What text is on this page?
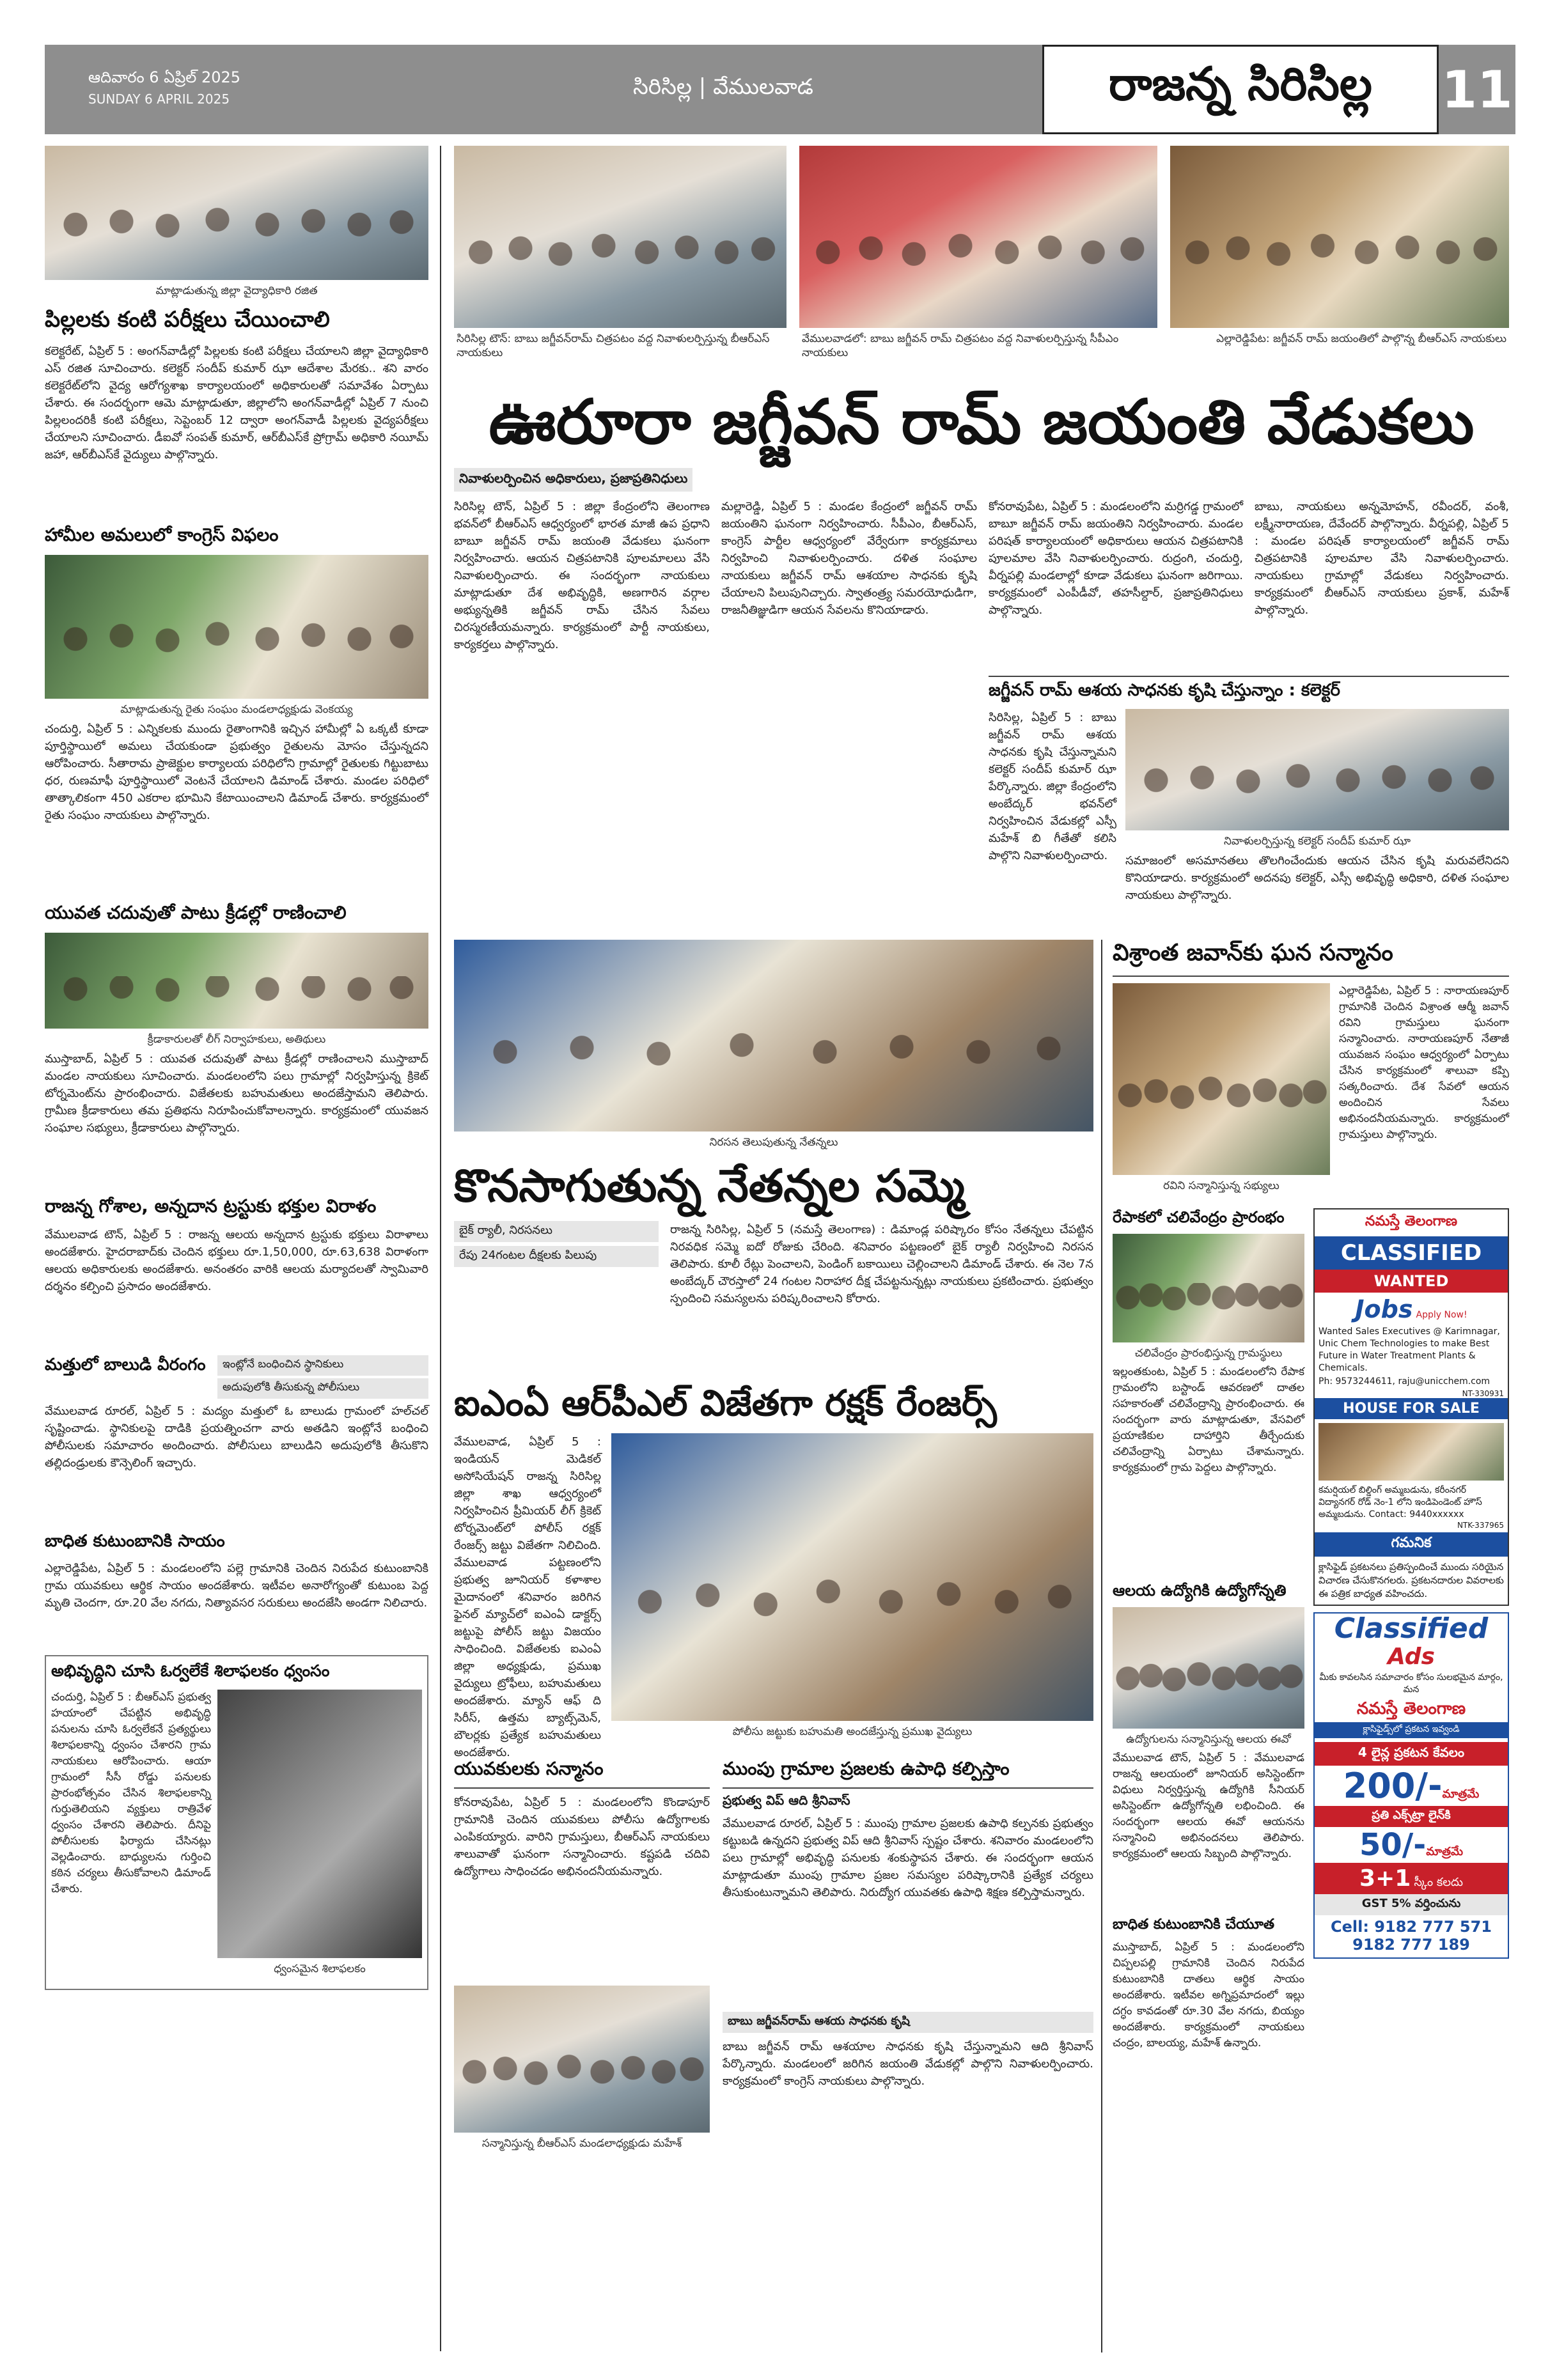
ఆదివారం 6 ఏప్రిల్ 2025
SUNDAY 6 APRIL 2025	సిరిసిల్ల | వేములవాడ	రాజన్న సిరిసిల్ల	11
మాట్లాడుతున్న జిల్లా వైద్యాధికారి రజిత
పిల్లలకు కంటి పరీక్షలు చేయించాలి
కలెక్టరేట్, ఏప్రిల్ 5 : అంగన్‌వాడీల్లో పిల్లలకు కంటి పరీక్షలు చేయాలని జిల్లా వైద్యాధికారి ఎస్ రజిత సూచించారు. కలెక్టర్ సందీప్ కుమార్ ఝా ఆదేశాల మేరకు.. శని వారం కలెక్టరేట్‌లోని వైద్య ఆరోగ్యశాఖ కార్యాలయంలో అధికారులతో సమావేశం ఏర్పాటు చేశారు. ఈ సందర్భంగా ఆమె మాట్లాడుతూ, జిల్లాలోని అంగన్‌వాడీల్లో ఏప్రిల్ 7 నుంచి పిల్లలందరికీ కంటి పరీక్షలు, సెప్టెంబర్ 12 ద్వారా అంగన్‌వాడీ పిల్లలకు వైద్యపరీక్షలు చేయాలని సూచించారు. డీఐవో సంపత్ కుమార్, ఆర్‌బీఎస్‌కే ప్రోగ్రామ్ అధికారి నయీమ్ జహా, ఆర్‌బీఎస్‌కే వైద్యులు పాల్గొన్నారు.
హామీల అమలులో కాంగ్రెస్ విఫలం
మాట్లాడుతున్న రైతు సంఘం మండలాధ్యక్షుడు వెంకయ్య
చందుర్తి, ఏప్రిల్ 5 : ఎన్నికలకు ముందు రైతాంగానికి ఇచ్చిన హామీల్లో ఏ ఒక్కటీ కూడా పూర్తిస్థాయిలో అమలు చేయకుండా ప్రభుత్వం రైతులను మోసం చేస్తున్నదని ఆరోపించారు. సీతారామ ప్రాజెక్టుల కార్యాలయ పరిధిలోని గ్రామాల్లో రైతులకు గిట్టుబాటు ధర, రుణమాఫీ పూర్తిస్థాయిలో వెంటనే చేయాలని డిమాండ్ చేశారు. మండల పరిధిలో తాత్కాలికంగా 450 ఎకరాల భూమిని కేటాయించాలని డిమాండ్ చేశారు. కార్యక్రమంలో రైతు సంఘం నాయకులు పాల్గొన్నారు.
యువత చదువుతో పాటు క్రీడల్లో రాణించాలి
క్రీడాకారులతో లీగ్ నిర్వాహకులు, అతిథులు
ముస్తాబాద్, ఏప్రిల్ 5 : యువత చదువుతో పాటు క్రీడల్లో రాణించాలని ముస్తాబాద్ మండల నాయకులు సూచించారు. మండలంలోని పలు గ్రామాల్లో నిర్వహిస్తున్న క్రికెట్ టోర్నమెంట్‌ను ప్రారంభించారు. విజేతలకు బహుమతులు అందజేస్తామని తెలిపారు. గ్రామీణ క్రీడాకారులు తమ ప్రతిభను నిరూపించుకోవాలన్నారు. కార్యక్రమంలో యువజన సంఘాల సభ్యులు, క్రీడాకారులు పాల్గొన్నారు.
రాజన్న గోశాల, అన్నదాన ట్రస్టుకు భక్తుల విరాళం
వేములవాడ టౌన్, ఏప్రిల్ 5 : రాజన్న ఆలయ అన్నదాన ట్రస్టుకు భక్తులు విరాళాలు అందజేశారు. హైదరాబాద్‌కు చెందిన భక్తులు రూ.1,50,000, రూ.63,638 విరాళంగా ఆలయ అధికారులకు అందజేశారు. అనంతరం వారికి ఆలయ మర్యాదలతో స్వామివారి దర్శనం కల్పించి ప్రసాదం అందజేశారు.
మత్తులో బాలుడి వీరంగం	ఇంట్లోనే బంధించిన స్థానికులు
అదుపులోకి తీసుకున్న పోలీసులు
వేములవాడ రూరల్, ఏప్రిల్ 5 : మద్యం మత్తులో ఓ బాలుడు గ్రామంలో హల్‌చల్ సృష్టించాడు. స్థానికులపై దాడికి ప్రయత్నించగా వారు అతడిని ఇంట్లోనే బంధించి పోలీసులకు సమాచారం అందించారు. పోలీసులు బాలుడిని అదుపులోకి తీసుకొని తల్లిదండ్రులకు కౌన్సెలింగ్ ఇచ్చారు.
బాధిత కుటుంబానికి సాయం
ఎల్లారెడ్డిపేట, ఏప్రిల్ 5 : మండలంలోని పల్లె గ్రామానికి చెందిన నిరుపేద కుటుంబానికి గ్రామ యువకులు ఆర్థిక సాయం అందజేశారు. ఇటీవల అనారోగ్యంతో కుటుంబ పెద్ద మృతి చెందగా, రూ.20 వేల నగదు, నిత్యావసర సరుకులు అందజేసి అండగా నిలిచారు.
అభివృద్ధిని చూసి ఓర్వలేకే శిలాఫలకం ధ్వంసం
చందుర్తి, ఏప్రిల్ 5 : బీఆర్‌ఎస్ ప్రభుత్వ హయాంలో చేపట్టిన అభివృద్ధి పనులను చూసి ఓర్వలేకనే ప్రత్యర్థులు శిలాఫలకాన్ని ధ్వంసం చేశారని గ్రామ నాయకులు ఆరోపించారు. ఆయా గ్రామంలో సీసీ రోడ్డు పనులకు ప్రారంభోత్సవం చేసిన శిలాఫలకాన్ని గుర్తుతెలియని వ్యక్తులు రాత్రివేళ ధ్వంసం చేశారని తెలిపారు. దీనిపై పోలీసులకు ఫిర్యాదు చేసినట్లు వెల్లడించారు. బాధ్యులను గుర్తించి కఠిన చర్యలు తీసుకోవాలని డిమాండ్ చేశారు.
ధ్వంసమైన శిలాఫలకం
సిరిసిల్ల టౌన్: బాబు జగ్జీవన్‌రామ్ చిత్రపటం వద్ద నివాళులర్పిస్తున్న బీఆర్‌ఎస్ నాయకులు
వేములవాడలో: బాబు జగ్జీవన్ రామ్ చిత్రపటం వద్ద నివాళులర్పిస్తున్న సీపీఎం నాయకులు
ఎల్లారెడ్డిపేట: జగ్జీవన్ రామ్ జయంతిలో పాల్గొన్న బీఆర్‌ఎస్ నాయకులు
ఊరూరా జగ్జీవన్ రామ్ జయంతి వేడుకలు
నివాళులర్పించిన అధికారులు, ప్రజాప్రతినిధులు
సిరిసిల్ల టౌన్, ఏప్రిల్ 5 : జిల్లా కేంద్రంలోని తెలంగాణ భవన్‌లో బీఆర్‌ఎస్ ఆధ్వర్యంలో భారత మాజీ ఉప ప్రధాని బాబూ జగ్జీవన్ రామ్ జయంతి వేడుకలు ఘనంగా నిర్వహించారు. ఆయన చిత్రపటానికి పూలమాలలు వేసి నివాళులర్పించారు. ఈ సందర్భంగా నాయకులు మాట్లాడుతూ దేశ అభివృద్ధికి, అణగారిన వర్గాల అభ్యున్నతికి జగ్జీవన్ రామ్ చేసిన సేవలు చిరస్మరణీయమన్నారు. కార్యక్రమంలో పార్టీ నాయకులు, కార్యకర్తలు పాల్గొన్నారు.
మల్లారెడ్డి, ఏప్రిల్ 5 : మండల కేంద్రంలో జగ్జీవన్ రామ్ జయంతిని ఘనంగా నిర్వహించారు. సీపీఎం, బీఆర్‌ఎస్, కాంగ్రెస్ పార్టీల ఆధ్వర్యంలో వేర్వేరుగా కార్యక్రమాలు నిర్వహించి నివాళులర్పించారు. దళిత సంఘాల నాయకులు జగ్జీవన్ రామ్ ఆశయాల సాధనకు కృషి చేయాలని పిలుపునిచ్చారు. స్వాతంత్ర్య సమరయోధుడిగా, రాజనీతిజ్ఞుడిగా ఆయన సేవలను కొనియాడారు.
కోనరావుపేట, ఏప్రిల్ 5 : మండలంలోని మర్రిగడ్డ గ్రామంలో బాబూ జగ్జీవన్ రామ్ జయంతిని నిర్వహించారు. మండల పరిషత్ కార్యాలయంలో అధికారులు ఆయన చిత్రపటానికి పూలమాల వేసి నివాళులర్పించారు. రుద్రంగి, చందుర్తి, వీర్నపల్లి మండలాల్లో కూడా వేడుకలు ఘనంగా జరిగాయి. కార్యక్రమంలో ఎంపీడీవో, తహసీల్దార్, ప్రజాప్రతినిధులు పాల్గొన్నారు.
బాబు, నాయకులు అన్నమోహన్, రవీందర్, వంశీ, లక్ష్మీనారాయణ, దేవేందర్ పాల్గొన్నారు. వీర్నపల్లి, ఏప్రిల్ 5 : మండల పరిషత్ కార్యాలయంలో జగ్జీవన్ రామ్ చిత్రపటానికి పూలమాల వేసి నివాళులర్పించారు. నాయకులు గ్రామాల్లో వేడుకలు నిర్వహించారు. కార్యక్రమంలో బీఆర్‌ఎస్ నాయకులు ప్రకాశ్, మహేశ్ పాల్గొన్నారు.
జగ్జీవన్ రామ్ ఆశయ సాధనకు కృషి చేస్తున్నాం : కలెక్టర్
సిరిసిల్ల, ఏప్రిల్ 5 : బాబు జగ్జీవన్ రామ్ ఆశయ సాధనకు కృషి చేస్తున్నామని కలెక్టర్ సందీప్ కుమార్ ఝా పేర్కొన్నారు. జిల్లా కేంద్రంలోని అంబేద్కర్ భవన్‌లో నిర్వహించిన వేడుకల్లో ఎస్పీ మహేశ్ బి గీతేతో కలిసి పాల్గొని నివాళులర్పించారు.
నివాళులర్పిస్తున్న కలెక్టర్ సందీప్ కుమార్ ఝా
సమాజంలో అసమానతలు తొలగించేందుకు ఆయన చేసిన కృషి మరువలేనిదని కొనియాడారు. కార్యక్రమంలో అదనపు కలెక్టర్, ఎస్సీ అభివృద్ధి అధికారి, దళిత సంఘాల నాయకులు పాల్గొన్నారు.
నిరసన తెలుపుతున్న నేతన్నలు
కొనసాగుతున్న నేతన్నల సమ్మె
బైక్ ర్యాలీ, నిరసనలు
రేపు 24గంటల దీక్షలకు పిలుపు
రాజన్న సిరిసిల్ల, ఏప్రిల్ 5 (నమస్తే తెలంగాణ) : డిమాండ్ల పరిష్కారం కోసం నేతన్నలు చేపట్టిన నిరవధిక సమ్మె ఐదో రోజుకు చేరింది. శనివారం పట్టణంలో బైక్ ర్యాలీ నిర్వహించి నిరసన తెలిపారు. కూలీ రేట్లు పెంచాలని, పెండింగ్ బకాయిలు చెల్లించాలని డిమాండ్ చేశారు. ఈ నెల 7న అంబేద్కర్ చౌరస్తాలో 24 గంటల నిరాహార దీక్ష చేపట్టనున్నట్లు నాయకులు ప్రకటించారు. ప్రభుత్వం స్పందించి సమస్యలను పరిష్కరించాలని కోరారు.
ఐఎంఏ ఆర్‌పీఎల్ విజేతగా రక్షక్ రేంజర్స్
వేములవాడ, ఏప్రిల్ 5 : ఇండియన్ మెడికల్ అసోసియేషన్ రాజన్న సిరిసిల్ల జిల్లా శాఖ ఆధ్వర్యంలో నిర్వహించిన ప్రీమియర్ లీగ్ క్రికెట్ టోర్నమెంట్‌లో పోలీస్ రక్షక్ రేంజర్స్ జట్టు విజేతగా నిలిచింది. వేములవాడ పట్టణంలోని ప్రభుత్వ జూనియర్ కళాశాల మైదానంలో శనివారం జరిగిన ఫైనల్ మ్యాచ్‌లో ఐఎంఏ డాక్టర్స్ జట్టుపై పోలీస్ జట్టు విజయం సాధించింది. విజేతలకు ఐఎంఏ జిల్లా అధ్యక్షుడు, ప్రముఖ వైద్యులు ట్రోఫీలు, బహుమతులు అందజేశారు. మ్యాన్ ఆఫ్ ది సిరీస్, ఉత్తమ బ్యాట్స్‌మెన్, బౌలర్లకు ప్రత్యేక బహుమతులు అందజేశారు.
పోలీసు జట్టుకు బహుమతి అందజేస్తున్న ప్రముఖ వైద్యులు
యువకులకు సన్మానం
కోనరావుపేట, ఏప్రిల్ 5 : మండలంలోని కొండాపూర్ గ్రామానికి చెందిన యువకులు పోలీసు ఉద్యోగాలకు ఎంపికయ్యారు. వారిని గ్రామస్తులు, బీఆర్‌ఎస్ నాయకులు శాలువాతో ఘనంగా సన్మానించారు. కష్టపడి చదివి ఉద్యోగాలు సాధించడం అభినందనీయమన్నారు.
సన్మానిస్తున్న బీఆర్‌ఎస్ మండలాధ్యక్షుడు మహేశ్
ముంపు గ్రామాల ప్రజలకు ఉపాధి కల్పిస్తాం
ప్రభుత్వ విప్ ఆది శ్రీనివాస్
వేములవాడ రూరల్, ఏప్రిల్ 5 : ముంపు గ్రామాల ప్రజలకు ఉపాధి కల్పనకు ప్రభుత్వం కట్టుబడి ఉన్నదని ప్రభుత్వ విప్ ఆది శ్రీనివాస్ స్పష్టం చేశారు. శనివారం మండలంలోని పలు గ్రామాల్లో అభివృద్ధి పనులకు శంకుస్థాపన చేశారు. ఈ సందర్భంగా ఆయన మాట్లాడుతూ ముంపు గ్రామాల ప్రజల సమస్యల పరిష్కారానికి ప్రత్యేక చర్యలు తీసుకుంటున్నామని తెలిపారు. నిరుద్యోగ యువతకు ఉపాధి శిక్షణ కల్పిస్తామన్నారు.
బాబు జగ్జీవన్‌రామ్ ఆశయ సాధనకు కృషి
బాబు జగ్జీవన్ రామ్ ఆశయాల సాధనకు కృషి చేస్తున్నామని ఆది శ్రీనివాస్ పేర్కొన్నారు. మండలంలో జరిగిన జయంతి వేడుకల్లో పాల్గొని నివాళులర్పించారు. కార్యక్రమంలో కాంగ్రెస్ నాయకులు పాల్గొన్నారు.
విశ్రాంత జవాన్‌కు ఘన సన్మానం
రవిని సన్మానిస్తున్న సభ్యులు
ఎల్లారెడ్డిపేట, ఏప్రిల్ 5 : నారాయణపూర్ గ్రామానికి చెందిన విశ్రాంత ఆర్మీ జవాన్ రవిని గ్రామస్తులు ఘనంగా సన్మానించారు. నారాయణపూర్ నేతాజీ యువజన సంఘం ఆధ్వర్యంలో ఏర్పాటు చేసిన కార్యక్రమంలో శాలువా కప్పి సత్కరించారు. దేశ సేవలో ఆయన అందించిన సేవలు అభినందనీయమన్నారు. కార్యక్రమంలో గ్రామస్తులు పాల్గొన్నారు.
రేపాకలో చలివేంద్రం ప్రారంభం
చలివేంద్రం ప్రారంభిస్తున్న గ్రామస్థులు
ఇల్లంతకుంట, ఏప్రిల్ 5 : మండలంలోని రేపాక గ్రామంలోని బస్టాండ్ ఆవరణలో దాతల సహకారంతో చలివేంద్రాన్ని ప్రారంభించారు. ఈ సందర్భంగా వారు మాట్లాడుతూ, వేసవిలో ప్రయాణికుల దాహార్తిని తీర్చేందుకు చలివేంద్రాన్ని ఏర్పాటు చేశామన్నారు. కార్యక్రమంలో గ్రామ పెద్దలు పాల్గొన్నారు.
ఆలయ ఉద్యోగికి ఉద్యోగోన్నతి
ఉద్యోగులను సన్మానిస్తున్న ఆలయ ఈవో
వేములవాడ టౌన్, ఏప్రిల్ 5 : వేములవాడ రాజన్న ఆలయంలో జూనియర్ అసిస్టెంట్‌గా విధులు నిర్వర్తిస్తున్న ఉద్యోగికి సీనియర్ అసిస్టెంట్‌గా ఉద్యోగోన్నతి లభించింది. ఈ సందర్భంగా ఆలయ ఈవో ఆయనను సన్మానించి అభినందనలు తెలిపారు. కార్యక్రమంలో ఆలయ సిబ్బంది పాల్గొన్నారు.
బాధిత కుటుంబానికి చేయూత
ముస్తాబాద్, ఏప్రిల్ 5 : మండలంలోని చిప్పలపల్లి గ్రామానికి చెందిన నిరుపేద కుటుంబానికి దాతలు ఆర్థిక సాయం అందజేశారు. ఇటీవల అగ్నిప్రమాదంలో ఇల్లు దగ్ధం కావడంతో రూ.30 వేల నగదు, బియ్యం అందజేశారు. కార్యక్రమంలో నాయకులు చంద్రం, బాలయ్య, మహేశ్ ఉన్నారు.
నమస్తే తెలంగాణ
CLASSIFIED
WANTED
Jobs Apply Now!
Wanted Sales Executives @ Karimnagar, Unic Chem Technologies to make Best Future in Water Treatment Plants & Chemicals.
Ph: 9573244611, raju@unicchem.com
NT-330931
HOUSE FOR SALE
కమర్షియల్ బిల్డింగ్ అమ్మబడును, కరీంనగర్ విద్యానగర్ రోడ్ నెం-1 లోని ఇండిపెండెంట్ హౌస్ అమ్మబడును. Contact: 9440xxxxxx
NTK-337965
గమనిక
క్లాసిఫైడ్ ప్రకటనలు ప్రతిస్పందించే ముందు సరియైన విచారణ చేసుకొనగలరు. ప్రకటనదారుల వివరాలకు ఈ పత్రిక బాధ్యత వహించదు.
Classified
Ads
మీకు కావలసిన సమాచారం కోసం సులభమైన మార్గం, మన
నమస్తే తెలంగాణ
క్లాసిఫైడ్స్‌లో ప్రకటన ఇవ్వండి
4 లైన్ల ప్రకటన కేవలం
200/-మాత్రమే
ప్రతి ఎక్స్‌ట్రా లైన్‌కి
50/-మాత్రమే
3+1 స్కీం కలదు
GST 5% వర్తించును
Cell: 9182 777 571
9182 777 189
